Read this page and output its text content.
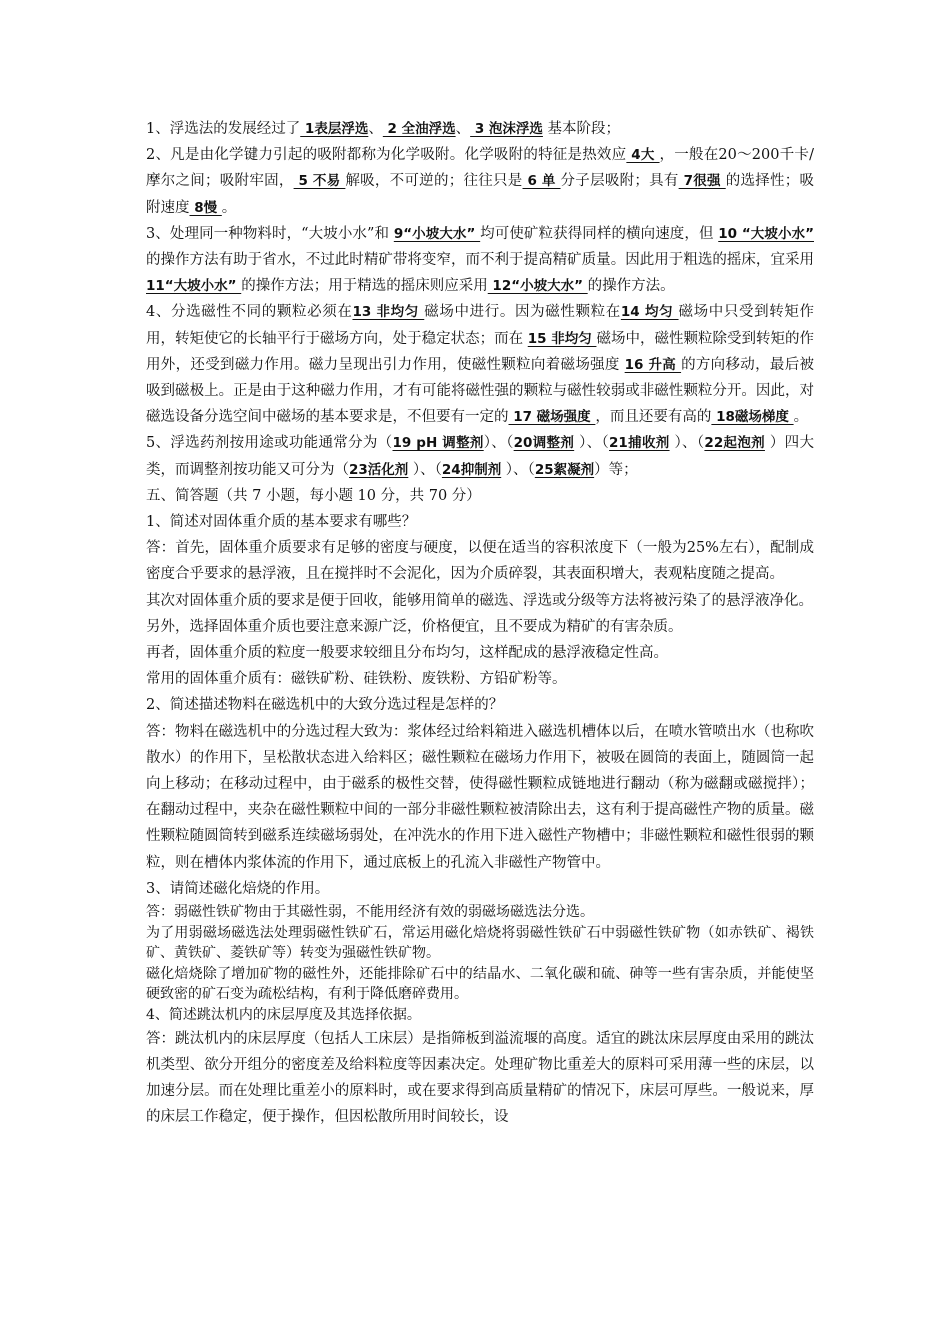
1、浮选法的发展经过了 1表层浮选、 2 全油浮选、 3 泡沫浮选 基本阶段；

2、凡是由化学键力引起的吸附都称为化学吸附。化学吸附的特征是热效应 4大 ，一般在20～200千卡/摩尔之间；吸附牢固， 5 不易 解吸，不可逆的；往往只是 6 单 分子层吸附；具有 7很强 的选择性；吸附速度 8慢 。

3、处理同一种物料时，“大坡小水”和 9“小坡大水” 均可使矿粒获得同样的横向速度，但 10 “大坡小水” 的操作方法有助于省水，不过此时精矿带将变窄，而不利于提高精矿质量。因此用于粗选的摇床，宜采用 11“大坡小水” 的操作方法；用于精选的摇床则应采用 12“小坡大水” 的操作方法。

4、分选磁性不同的颗粒必须在13 非均匀 磁场中进行。因为磁性颗粒在14 均匀 磁场中只受到转矩作用，转矩使它的长轴平行于磁场方向，处于稳定状态；而在 15 非均匀 磁场中，磁性颗粒除受到转矩的作用外，还受到磁力作用。磁力呈现出引力作用，使磁性颗粒向着磁场强度 16 升高 的方向移动，最后被吸到磁极上。正是由于这种磁力作用，才有可能将磁性强的颗粒与磁性较弱或非磁性颗粒分开。因此，对磁选设备分选空间中磁场的基本要求是，不但要有一定的 17 磁场强度 ，而且还要有高的 18磁场梯度 。

5、浮选药剂按用途或功能通常分为（19 pH 调整剂）、（20调整剂 ）、（21捕收剂 ）、（22起泡剂 ）四大类，而调整剂按功能又可分为（23活化剂 ）、（24抑制剂 ）、（25絮凝剂）等；

五、简答题（共 7 小题，每小题 10 分，共 70 分）

1、简述对固体重介质的基本要求有哪些？

答：首先，固体重介质要求有足够的密度与硬度，以便在适当的容积浓度下（一般为25%左右），配制成密度合乎要求的悬浮液，且在搅拌时不会泥化，因为介质碎裂，其表面积增大，表观粘度随之提高。

其次对固体重介质的要求是便于回收，能够用简单的磁选、浮选或分级等方法将被污染了的悬浮液净化。

另外，选择固体重介质也要注意来源广泛，价格便宜，且不要成为精矿的有害杂质。

再者，固体重介质的粒度一般要求较细且分布均匀，这样配成的悬浮液稳定性高。

常用的固体重介质有：磁铁矿粉、硅铁粉、废铁粉、方铅矿粉等。

2、简述描述物料在磁选机中的大致分选过程是怎样的？

答：物料在磁选机中的分选过程大致为：浆体经过给料箱进入磁选机槽体以后，在喷水管喷出水（也称吹散水）的作用下，呈松散状态进入给料区；磁性颗粒在磁场力作用下，被吸在圆筒的表面上，随圆筒一起向上移动；在移动过程中，由于磁系的极性交替，使得磁性颗粒成链地进行翻动（称为磁翻或磁搅拌）；在翻动过程中，夹杂在磁性颗粒中间的一部分非磁性颗粒被清除出去，这有利于提高磁性产物的质量。磁性颗粒随圆筒转到磁系连续磁场弱处，在冲洗水的作用下进入磁性产物槽中；非磁性颗粒和磁性很弱的颗粒，则在槽体内浆体流的作用下，通过底板上的孔流入非磁性产物管中。

3、请简述磁化焙烧的作用。

答：弱磁性铁矿物由于其磁性弱，不能用经济有效的弱磁场磁选法分选。

为了用弱磁场磁选法处理弱磁性铁矿石，常运用磁化焙烧将弱磁性铁矿石中弱磁性铁矿物（如赤铁矿、褐铁矿、黄铁矿、菱铁矿等）转变为强磁性铁矿物。

磁化焙烧除了增加矿物的磁性外，还能排除矿石中的结晶水、二氧化碳和硫、砷等一些有害杂质，并能使坚硬致密的矿石变为疏松结构，有利于降低磨碎费用。

4、简述跳汰机内的床层厚度及其选择依据。

答：跳汰机内的床层厚度（包括人工床层）是指筛板到溢流堰的高度。适宜的跳汰床层厚度由采用的跳汰机类型、欲分开组分的密度差及给料粒度等因素决定。处理矿物比重差大的原料可采用薄一些的床层，以加速分层。而在处理比重差小的原料时，或在要求得到高质量精矿的情况下，床层可厚些。一般说来，厚的床层工作稳定，便于操作，但因松散所用时间较长，设
